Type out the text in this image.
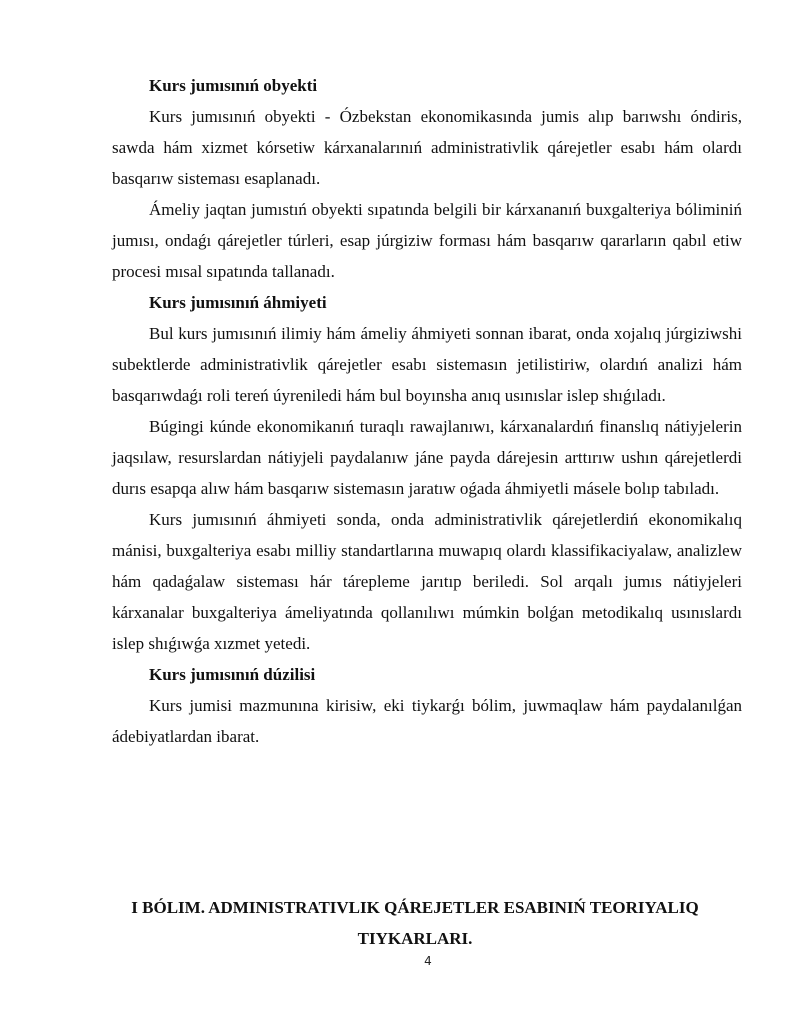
Kurs jumısınıń obyekti

Kurs jumısınıń obyekti - Ózbekstan ekonomikasında jumis alıp barıwshı óndiris, sawda hám xizmet kórsetiw kárxanalarınıń administrativlik qárejetler esabı hám olardı basqarıw sisteması esaplanadı.

Ámeliy jaqtan jumıstıń obyekti sıpatında belgili bir kárxananıń buxgalteriya bóliminiń jumısı, ondaǵı qárejetler túrleri, esap júrgiziw forması hám basqarıw qararların qabıl etiw procesi mısal sıpatında tallanadı.

Kurs jumısınıń áhmiyeti

Bul kurs jumısınıń ilimiy hám ámeliy áhmiyeti sonnan ibarat, onda xojalıq júrgiziwshi subektlerde administrativlik qárejetler esabı sistemasın jetilistiriw, olardıń analizi hám basqarıwdaǵı roli tereń úyreniledi hám bul boyınsha anıq usınıslar islep shıǵıladı.

Búgingi kúnde ekonomikanıń turaqlı rawajlanıwı, kárxanalardıń finanslıq nátiyjelerin jaqsılaw, resurslardan nátiyjeli paydalanıw jáne payda dárejesin arttırıw ushın qárejetlerdi durıs esapqa alıw hám basqarıw sistemasın jaratıw oǵada áhmiyetli másele bolıp tabıladı.

Kurs jumısınıń áhmiyeti sonda, onda administrativlik qárejetlerdiń ekonomikalıq mánisi, buxgalteriya esabı milliy standartlarına muwapıq olardı klassifikaciyalaw, analizlew hám qadaǵalaw sisteması hár tárepleme jarıtıp beriledi. Sol arqalı jumıs nátiyjeleri kárxanalar buxgalteriya ámeliyatında qollanılıwı múmkin bolǵan metodikalıq usınıslardı islep shıǵıwǵa xızmet yetedi.

Kurs jumısınıń dúzilisi

Kurs jumisi mazmunına kirisiw, eki tiykarǵı bólim, juwmaqlaw hám paydalanılǵan ádebiyatlardan ibarat.

I BÓLIM. ADMINISTRATIVLIK QÁREJETLER ESABINIŃ TEORIYALIQ
TIYKARLARI.
4
